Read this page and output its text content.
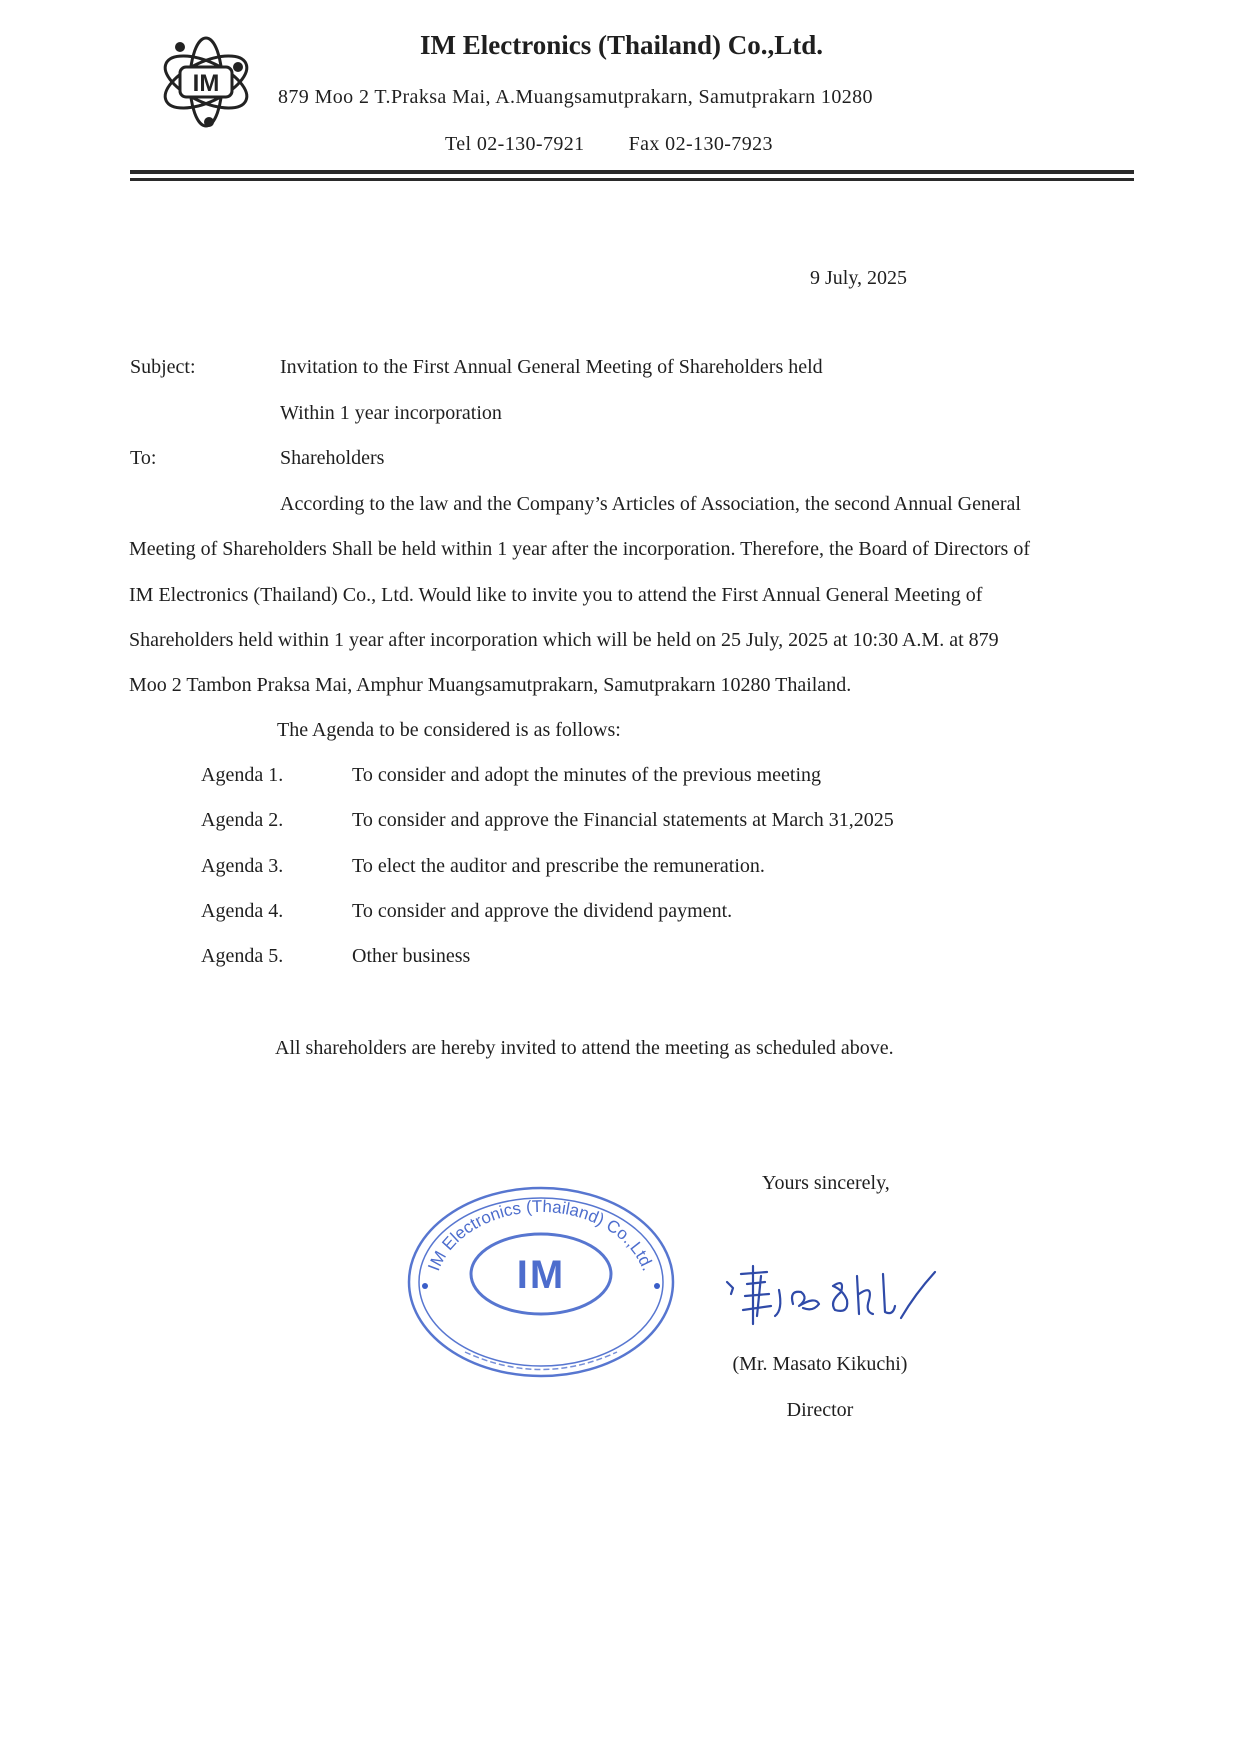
IM
IM Electronics (Thailand) Co.,Ltd.
879 Moo 2 T.Praksa Mai, A.Muangsamutprakarn, Samutprakarn 10280
Tel 02-130-7921 Fax 02-130-7923
9 July, 2025
Subject:	Invitation to the First Annual General Meeting of Shareholders held
Within 1 year incorporation
To:	Shareholders
According to the law and the Company’s Articles of Association, the second Annual General
Meeting of Shareholders Shall be held within 1 year after the incorporation. Therefore, the Board of Directors of
IM Electronics (Thailand) Co., Ltd. Would like to invite you to attend the First Annual General Meeting of
Shareholders held within 1 year after incorporation which will be held on 25 July, 2025 at 10:30 A.M. at 879
Moo 2 Tambon Praksa Mai, Amphur Muangsamutprakarn, Samutprakarn 10280 Thailand.
The Agenda to be considered is as follows:
Agenda 1.	To consider and adopt the minutes of the previous meeting
Agenda 2.	To consider and approve the Financial statements at March 31,2025
Agenda 3.	To elect the auditor and prescribe the remuneration.
Agenda 4.	To consider and approve the dividend payment.
Agenda 5.	Other business
All shareholders are hereby invited to attend the meeting as scheduled above.
IM Electronics (Thailand) Co.,Ltd.
IM
Yours sincerely,
(Mr. Masato Kikuchi)
Director
